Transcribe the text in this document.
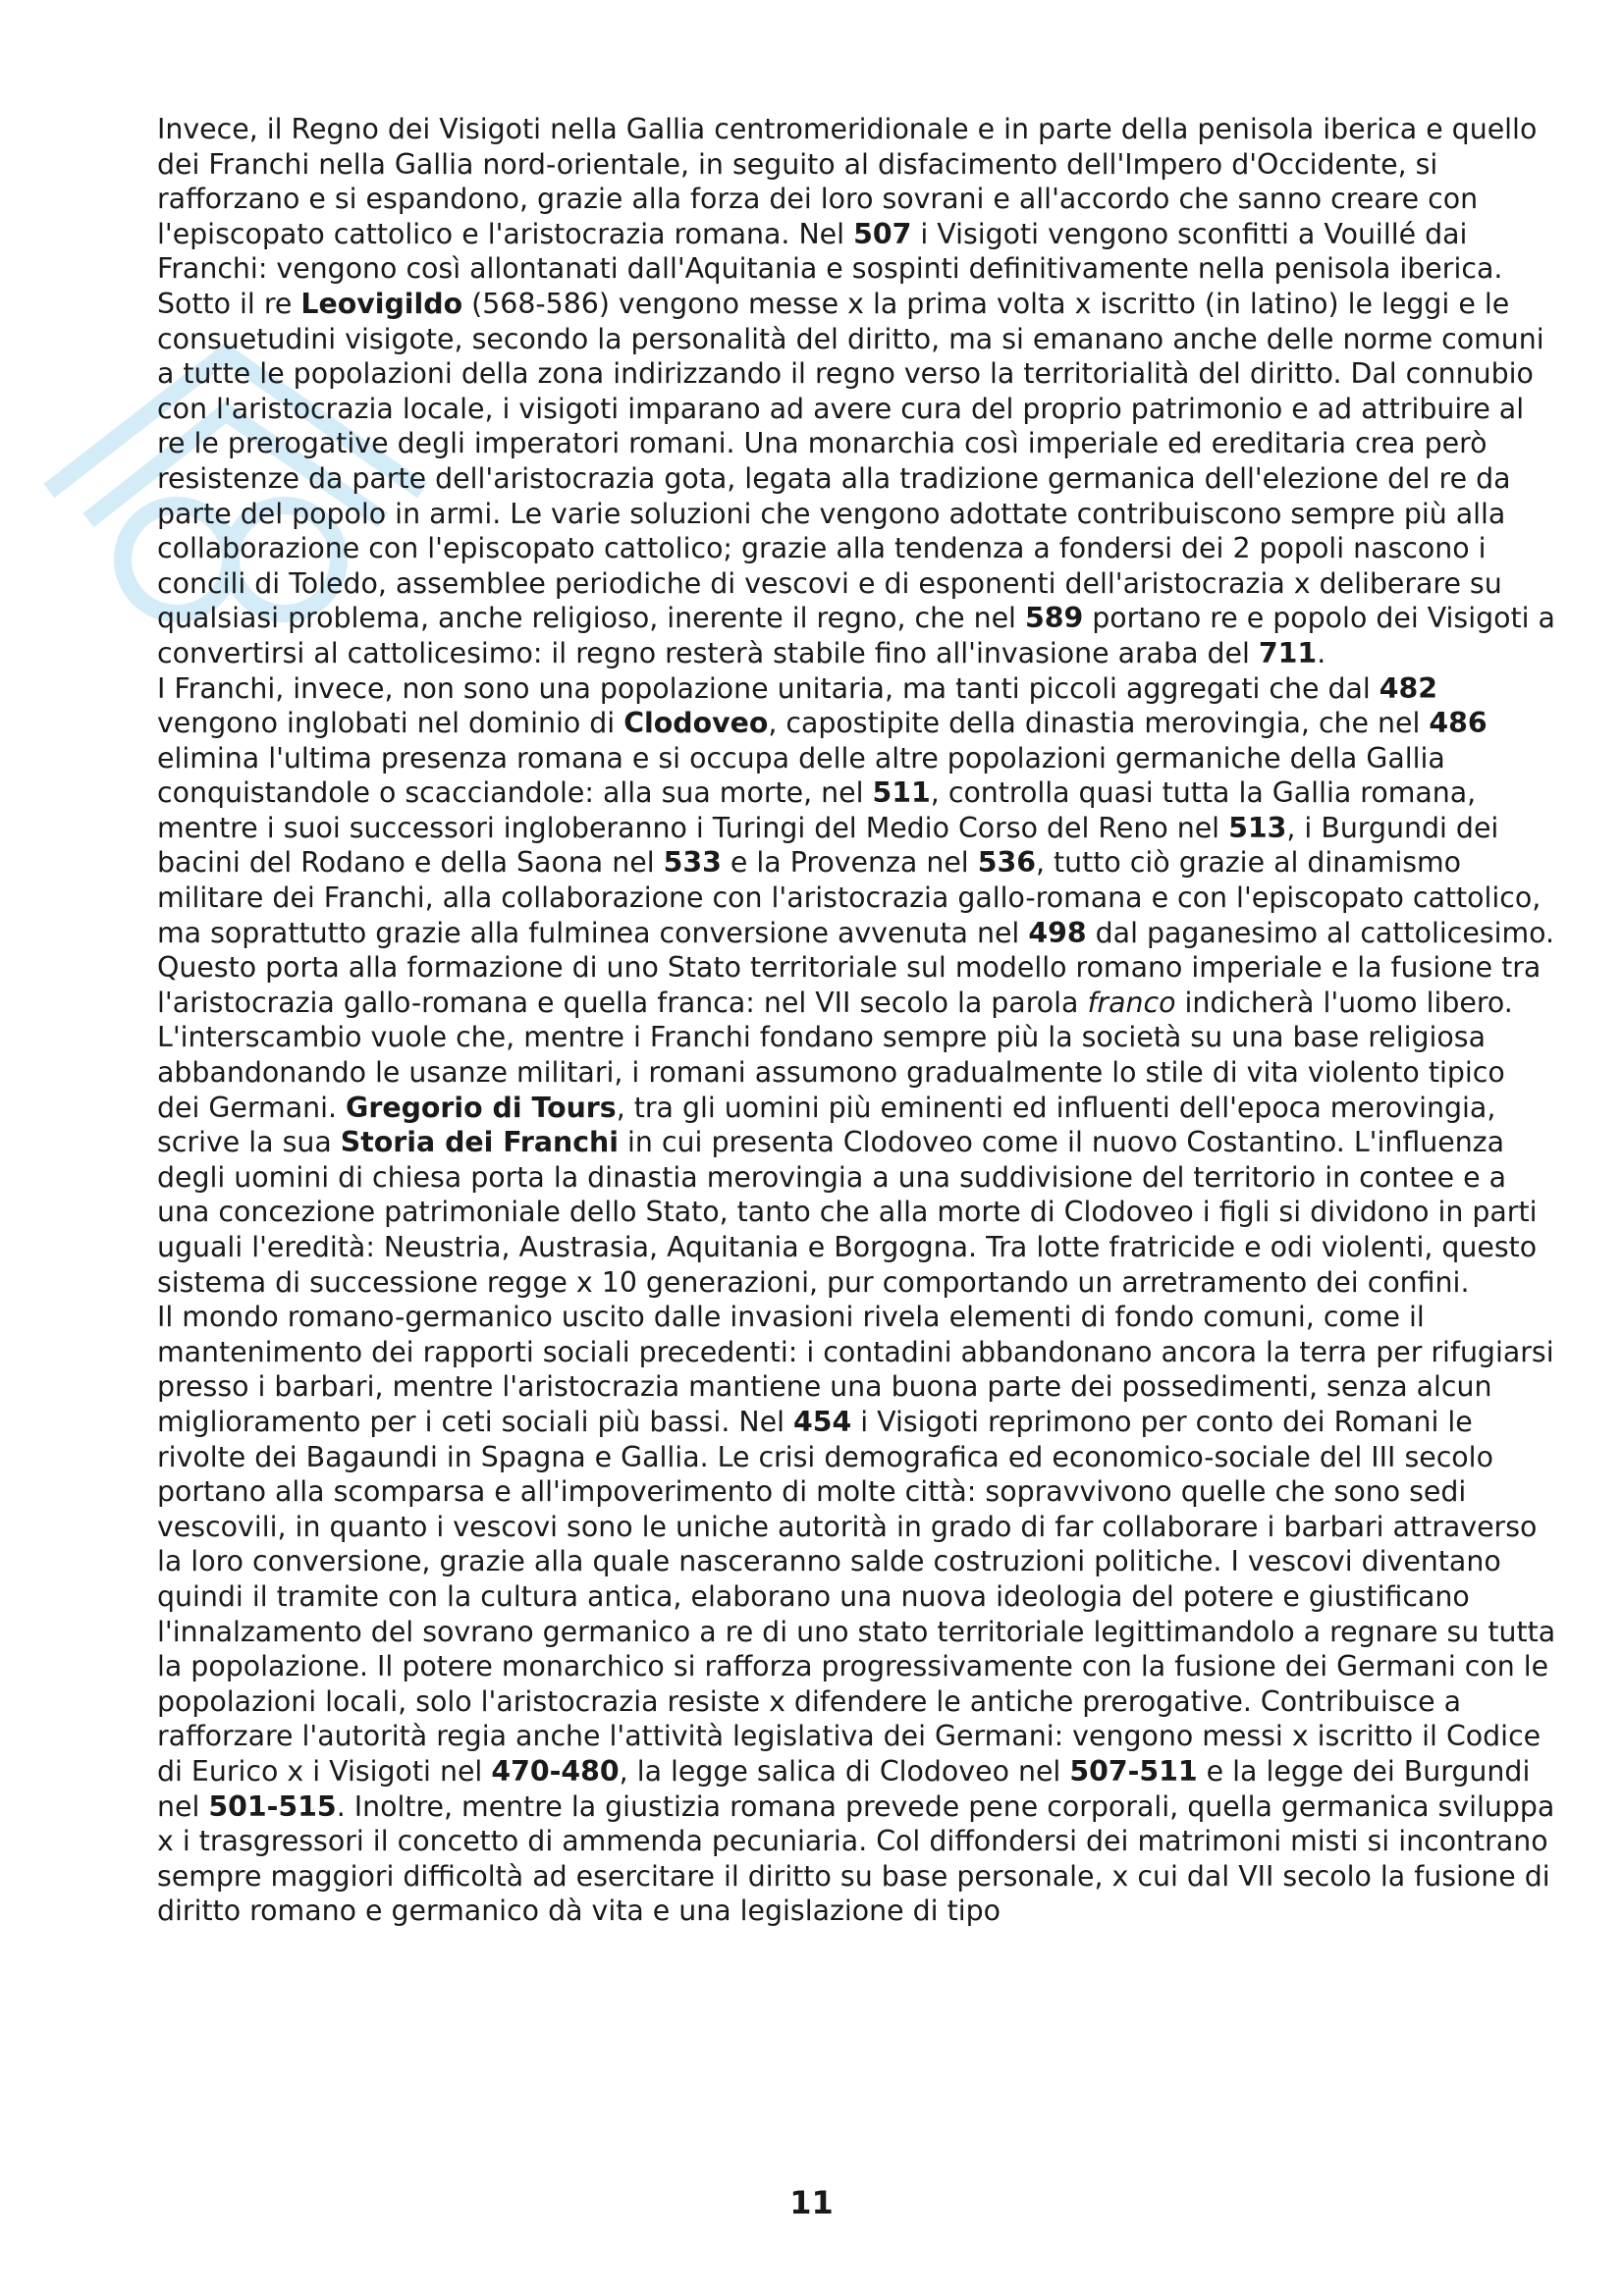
Invece, il Regno dei Visigoti nella Gallia centromeridionale e in parte della penisola iberica e quello dei Franchi nella Gallia nord-orientale, in seguito al disfacimento dell'Impero d'Occidente, si rafforzano e si espandono, grazie alla forza dei loro sovrani e all'accordo che sanno creare con l'episcopato cattolico e l'aristocrazia romana. Nel 507 i Visigoti vengono sconfitti a Vouillé dai Franchi: vengono così allontanati dall'Aquitania e sospinti definitivamente nella penisola iberica. Sotto il re Leovigildo (568-586) vengono messe x la prima volta x iscritto (in latino) le leggi e le consuetudini visigote, secondo la personalità del diritto, ma si emanano anche delle norme comuni a tutte le popolazioni della zona indirizzando il regno verso la territorialità del diritto. Dal connubio con l'aristocrazia locale, i visigoti imparano ad avere cura del proprio patrimonio e ad attribuire al re le prerogative degli imperatori romani. Una monarchia così imperiale ed ereditaria crea però resistenze da parte dell'aristocrazia gota, legata alla tradizione germanica dell'elezione del re da parte del popolo in armi. Le varie soluzioni che vengono adottate contribuiscono sempre più alla collaborazione con l'episcopato cattolico; grazie alla tendenza a fondersi dei 2 popoli nascono i concili di Toledo, assemblee periodiche di vescovi e di esponenti dell'aristocrazia x deliberare su qualsiasi problema, anche religioso, inerente il regno, che nel 589 portano re e popolo dei Visigoti a convertirsi al cattolicesimo: il regno resterà stabile fino all'invasione araba del 711.

I Franchi, invece, non sono una popolazione unitaria, ma tanti piccoli aggregati che dal 482 vengono inglobati nel dominio di Clodoveo, capostipite della dinastia merovingia, che nel 486 elimina l'ultima presenza romana e si occupa delle altre popolazioni germaniche della Gallia conquistandole o scacciandole: alla sua morte, nel 511, controlla quasi tutta la Gallia romana, mentre i suoi successori ingloberanno i Turingi del Medio Corso del Reno nel 513, i Burgundi dei bacini del Rodano e della Saona nel 533 e la Provenza nel 536, tutto ciò grazie al dinamismo militare dei Franchi, alla collaborazione con l'aristocrazia gallo-romana e con l'episcopato cattolico, ma soprattutto grazie alla fulminea conversione avvenuta nel 498 dal paganesimo al cattolicesimo. Questo porta alla formazione di uno Stato territoriale sul modello romano imperiale e la fusione tra l'aristocrazia gallo-romana e quella franca: nel VII secolo la parola franco indicherà l'uomo libero. L'interscambio vuole che, mentre i Franchi fondano sempre più la società su una base religiosa abbandonando le usanze militari, i romani assumono gradualmente lo stile di vita violento tipico dei Germani. Gregorio di Tours, tra gli uomini più eminenti ed influenti dell'epoca merovingia, scrive la sua Storia dei Franchi in cui presenta Clodoveo come il nuovo Costantino. L'influenza degli uomini di chiesa porta la dinastia merovingia a una suddivisione del territorio in contee e a una concezione patrimoniale dello Stato, tanto che alla morte di Clodoveo i figli si dividono in parti uguali l'eredità: Neustria, Austrasia, Aquitania e Borgogna. Tra lotte fratricide e odi violenti, questo sistema di successione regge x 10 generazioni, pur comportando un arretramento dei confini.

Il mondo romano-germanico uscito dalle invasioni rivela elementi di fondo comuni, come il mantenimento dei rapporti sociali precedenti: i contadini abbandonano ancora la terra per rifugiarsi presso i barbari, mentre l'aristocrazia mantiene una buona parte dei possedimenti, senza alcun miglioramento per i ceti sociali più bassi. Nel 454 i Visigoti reprimono per conto dei Romani le rivolte dei Bagaundi in Spagna e Gallia. Le crisi demografica ed economico-sociale del III secolo portano alla scomparsa e all'impoverimento di molte città: sopravvivono quelle che sono sedi vescovili, in quanto i vescovi sono le uniche autorità in grado di far collaborare i barbari attraverso la loro conversione, grazie alla quale nasceranno salde costruzioni politiche. I vescovi diventano quindi il tramite con la cultura antica, elaborano una nuova ideologia del potere e giustificano l'innalzamento del sovrano germanico a re di uno stato territoriale legittimandolo a regnare su tutta la popolazione. Il potere monarchico si rafforza progressivamente con la fusione dei Germani con le popolazioni locali, solo l'aristocrazia resiste x difendere le antiche prerogative. Contribuisce a rafforzare l'autorità regia anche l'attività legislativa dei Germani: vengono messi x iscritto il Codice di Eurico x i Visigoti nel 470-480, la legge salica di Clodoveo nel 507-511 e la legge dei Burgundi nel 501-515. Inoltre, mentre la giustizia romana prevede pene corporali, quella germanica sviluppa x i trasgressori il concetto di ammenda pecuniaria. Col diffondersi dei matrimoni misti si incontrano sempre maggiori difficoltà ad esercitare il diritto su base personale, x cui dal VII secolo la fusione di diritto romano e germanico dà vita e una legislazione di tipo

11
